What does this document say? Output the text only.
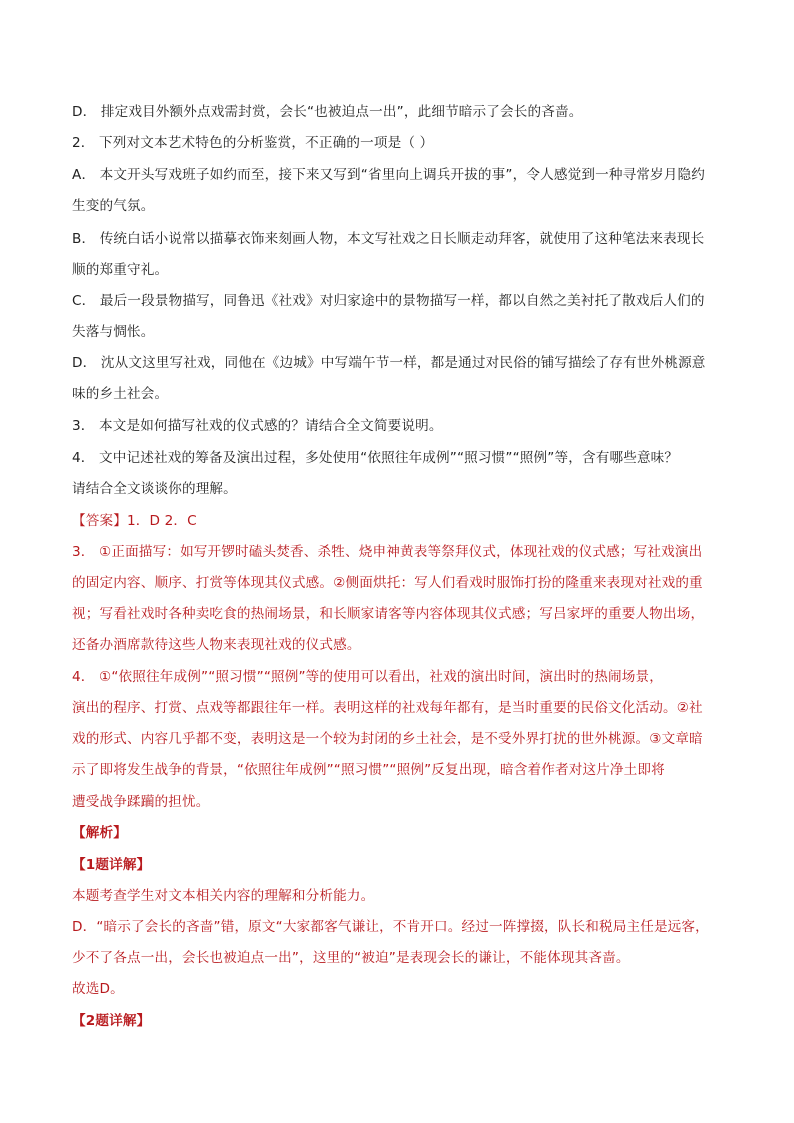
D． 排定戏目外额外点戏需封赏，会长“也被迫点一出”，此细节暗示了会长的吝啬。
2． 下列对文本艺术特色的分析鉴赏，不正确的一项是（ ）
A． 本文开头写戏班子如约而至，接下来又写到“省里向上调兵开拔的事”，令人感觉到一种寻常岁月隐约
生变的气氛。
B． 传统白话小说常以描摹衣饰来刻画人物，本文写社戏之日长顺走动拜客，就使用了这种笔法来表现长
顺的郑重守礼。
C． 最后一段景物描写，同鲁迅《社戏》对归家途中的景物描写一样，都以自然之美衬托了散戏后人们的
失落与惆怅。
D． 沈从文这里写社戏，同他在《边城》中写端午节一样，都是通过对民俗的铺写描绘了存有世外桃源意
味的乡土社会。
3． 本文是如何描写社戏的仪式感的？请结合全文简要说明。
4． 文中记述社戏的筹备及演出过程，多处使用“依照往年成例”“照习惯”“照例”等，含有哪些意味？
请结合全文谈谈你的理解。
【答案】1．D 2．C
3． ①正面描写：如写开锣时磕头焚香、杀牲、烧申神黄表等祭拜仪式，体现社戏的仪式感；写社戏演出
的固定内容、顺序、打赏等体现其仪式感。②侧面烘托：写人们看戏时服饰打扮的隆重来表现对社戏的重
视；写看社戏时各种卖吃食的热闹场景，和长顺家请客等内容体现其仪式感；写吕家坪的重要人物出场，
还备办酒席款待这些人物来表现社戏的仪式感。
4． ①“依照往年成例”“照习惯”“照例”等的使用可以看出，社戏的演出时间，演出时的热闹场景，
演出的程序、打赏、点戏等都跟往年一样。表明这样的社戏每年都有，是当时重要的民俗文化活动。②社
戏的形式、内容几乎都不变，表明这是一个较为封闭的乡土社会，是不受外界打扰的世外桃源。③文章暗
示了即将发生战争的背景，“依照往年成例”“照习惯”“照例”反复出现，暗含着作者对这片净土即将
遭受战争蹂躏的担忧。
【解析】
【1题详解】
本题考查学生对文本相关内容的理解和分析能力。
D．“暗示了会长的吝啬”错，原文“大家都客气谦让，不肯开口。经过一阵撑掇，队长和税局主任是远客，
少不了各点一出，会长也被迫点一出”，这里的“被迫”是表现会长的谦让，不能体现其吝啬。
故选D。
【2题详解】
